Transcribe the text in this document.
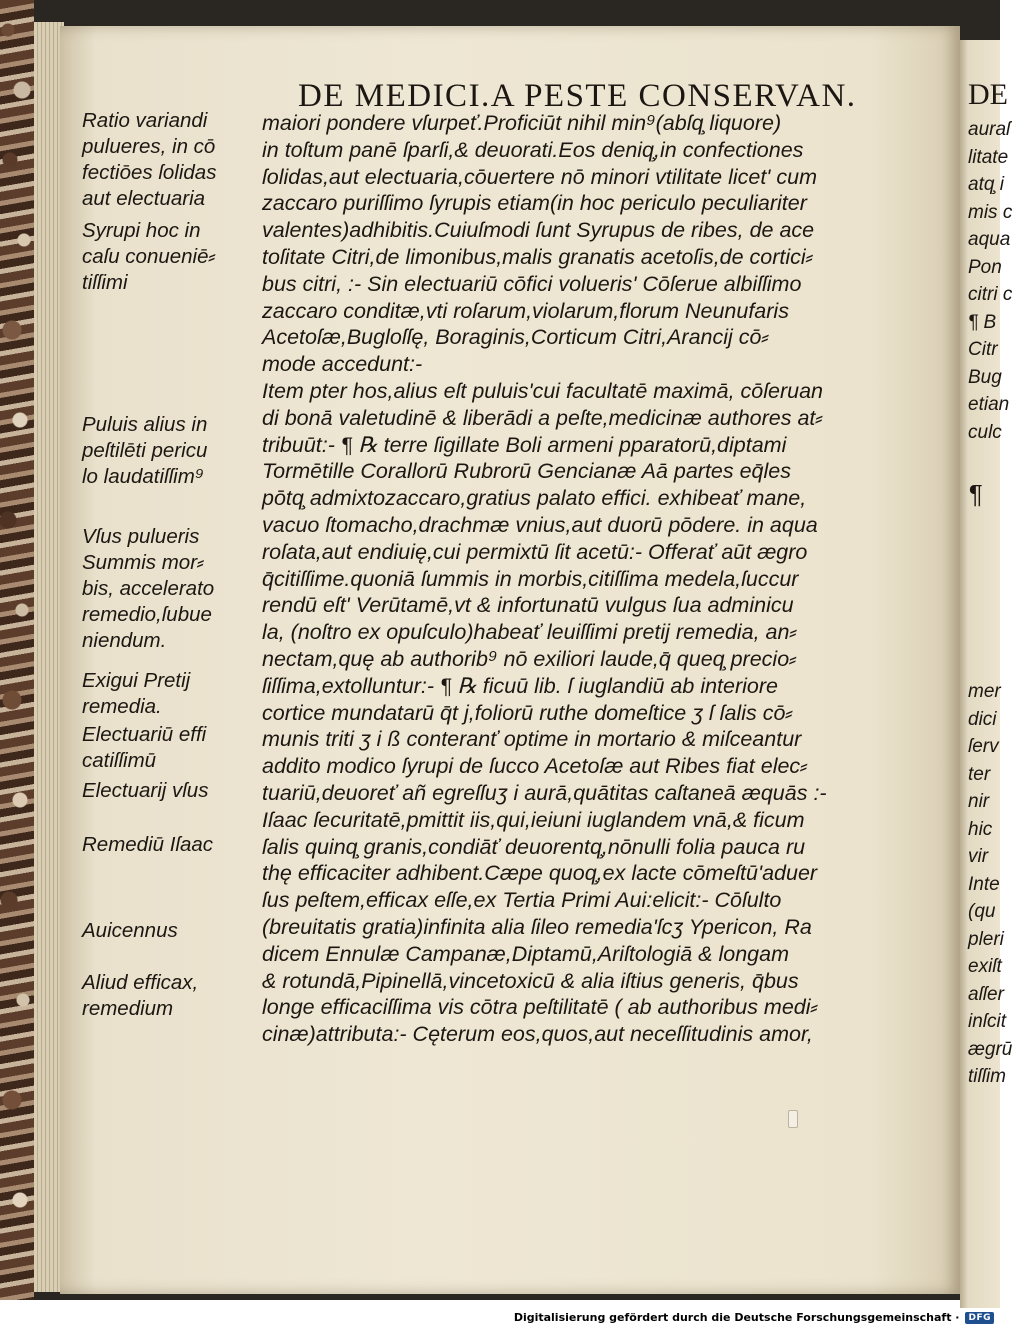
DE MEDICI.A PESTE CONSERVAN.
maiori pondere vſurpeť.Proficiūt nihil min⁹(abſq̧ liquore)
in toſtum panē ſparſi,& deuorati.Eos deniq̧,in confectiones
ſolidas,aut electuaria,cōuertere nō minori vtilitate licet' cum
zaccaro puriſſimo ſyrupis etiam(in hoc periculo peculiariter
valentes)adhibitis.Cuiuſmodi ſunt Syrupus de ribes, de ace
toſitate Citri,de limonibus,malis granatis acetoſis,de cortici⸗
bus citri, :- Sin electuariū cōfici volueris' Cōſerue albiſſimo
zaccaro conditæ,vti roſarum,violarum,florum Neunufaris
Acetoſæ,Bugloſſę, Boraginis,Corticum Citri,Arancij cō⸗
mode accedunt:-
Item pter hos,alius eſt puluis'cui facultatē maximā, cōſeruan
di bonā valetudinē & liberādi a peſte,medicinæ authores at⸗
tribuūt:- ¶ ℞ terre ſigillate Boli armeni pparatorū,diptami
Tormētille Corallorū Rubrorū Gencianæ Aā partes eq̄les
pōtq̧ admixtozaccaro,gratius palato effici. exhibeať mane,
vacuo ſtomacho,drachmæ vnius,aut duorū pōdere. in aqua
roſata,aut endiuię,cui permixtū ſit acetū:- Offerať aūt ægro
q̄citiſſime.quoniā ſummis in morbis,citiſſima medela,ſuccur
rendū eſt' Verūtamē,vt & infortunatū vulgus ſua adminicu
la, (noſtro ex opuſculo)habeať leuiſſimi pretij remedia, an⸗
nectam,quę ab authorib⁹ nō exiliori laude,q̄ queq̧ precio⸗
ſiſſima,extolluntur:- ¶ ℞ ficuū lib. ſ iuglandiū ab interiore
cortice mundatarū q̄t j,foliorū ruthe domeſtice ʒ ſ ſalis cō⸗
munis triti ʒ i ß conteranť optime in mortario & miſceantur
addito modico ſyrupi de ſucco Acetoſæ aut Ribes fiat elec⸗
tuariū,deuoreť añ egreſſuʒ i aurā,quātitas caſtaneā æquās :-
Iſaac ſecuritatē,pmittit iis,qui,ieiuni iuglandem vnā,& ficum
ſalis quinq̧ granis,condiāť deuorentq̧,nōnulli folia pauca ru
thę efficaciter adhibent.Cæpe quoq̧,ex lacte cōmeſtū'aduer
ſus peſtem,efficax eſſe,ex Tertia Primi Aui:elicit:- Cōſulto
(breuitatis gratia)infinita alia ſileo remedia'ſcʒ Ypericon, Ra
dicem Ennulæ Campanæ,Diptamū,Ariſtologiā & longam
& rotundā,Pipinellā,vincetoxicū & alia iſtius generis, q̄bus
longe efficaciſſima vis cōtra peſtilitatē ( ab authoribus medi⸗
cinæ)attributa:- Cęterum eos,quos,aut neceſſitudinis amor,
Ratio variandi
pulueres, in cō
fectiōes ſolidas
aut electuaria
Syrupi hoc in
caſu conueniē⸗
tiſſimi
Puluis alius in
peſtilēti pericu
lo laudatiſſim⁹
Vſus pulueris
Summis mor⸗
bis, accelerato
remedio,ſubue
niendum.
Exigui Pretij
remedia.
Electuariū effi
catiſſimū
Electuarij vſus
Remediū Iſaac
Auicennus
Aliud efficax,
remedium
DE
auraſ
litate
atq̧ i
mis c
aqua
Pon
citri c
¶ B
Citr
Bug
etian
culc
¶
mer
dici
ſerv
ter
nir
hic
vir
Inte
(qu
pleri
exiſt
aſſer
inſcit
ægrū
tiſſim
Digitalisierung gefördert durch die Deutsche Forschungsgemeinschaft ·	DFG
